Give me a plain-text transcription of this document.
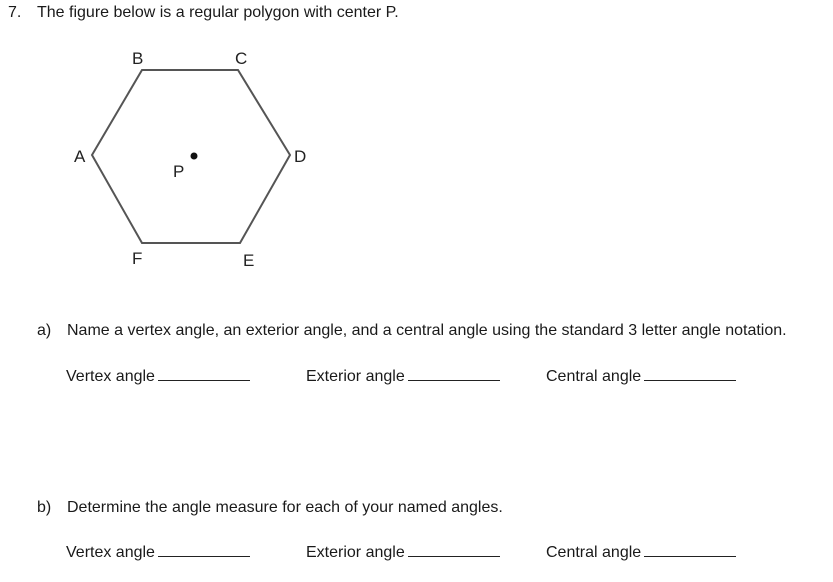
7. The figure below is a regular polygon with center P.
B	C
A	D
P
F	E
a) Name a vertex angle, an exterior angle, and a central angle using the standard 3 letter angle notation.
Vertex angle	Exterior angle	Central angle
b) Determine the angle measure for each of your named angles.
Vertex angle	Exterior angle	Central angle
